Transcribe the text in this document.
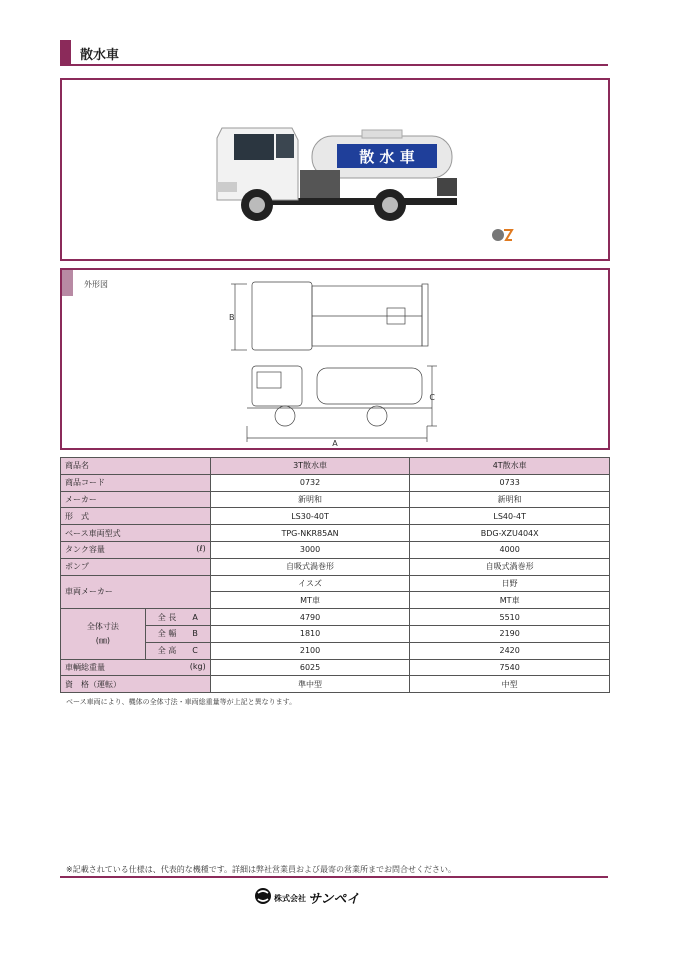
散水車
散 水 車
外形図
B
C
A
商品名		3T散水車	4T散水車
商品コード		0732	0733
メーカー		新明和	新明和
形　式		LS30-40T	LS40-4T
ベース車両型式		TPG-NKR85AN	BDG-XZU404X
タンク容量 (ℓ)		3000	4000
ポンプ		自吸式渦巻形	自吸式渦巻形
車両メーカー		イスズ	日野
		MT車	MT車

全体寸法
(㎜)	全 長　　A	4790	5510
	全 幅　　B	1810	2190
	全 高　　C	2100	2420
車輌総重量 (kg)		6025	7540
資　格（運転）		準中型	中型
ベース車両により、機体の全体寸法・車両総重量等が上記と異なります。
※記載されている仕様は、代表的な機種です。詳細は弊社営業員および最寄の営業所までお問合せください。
株式会社 サンペイ
